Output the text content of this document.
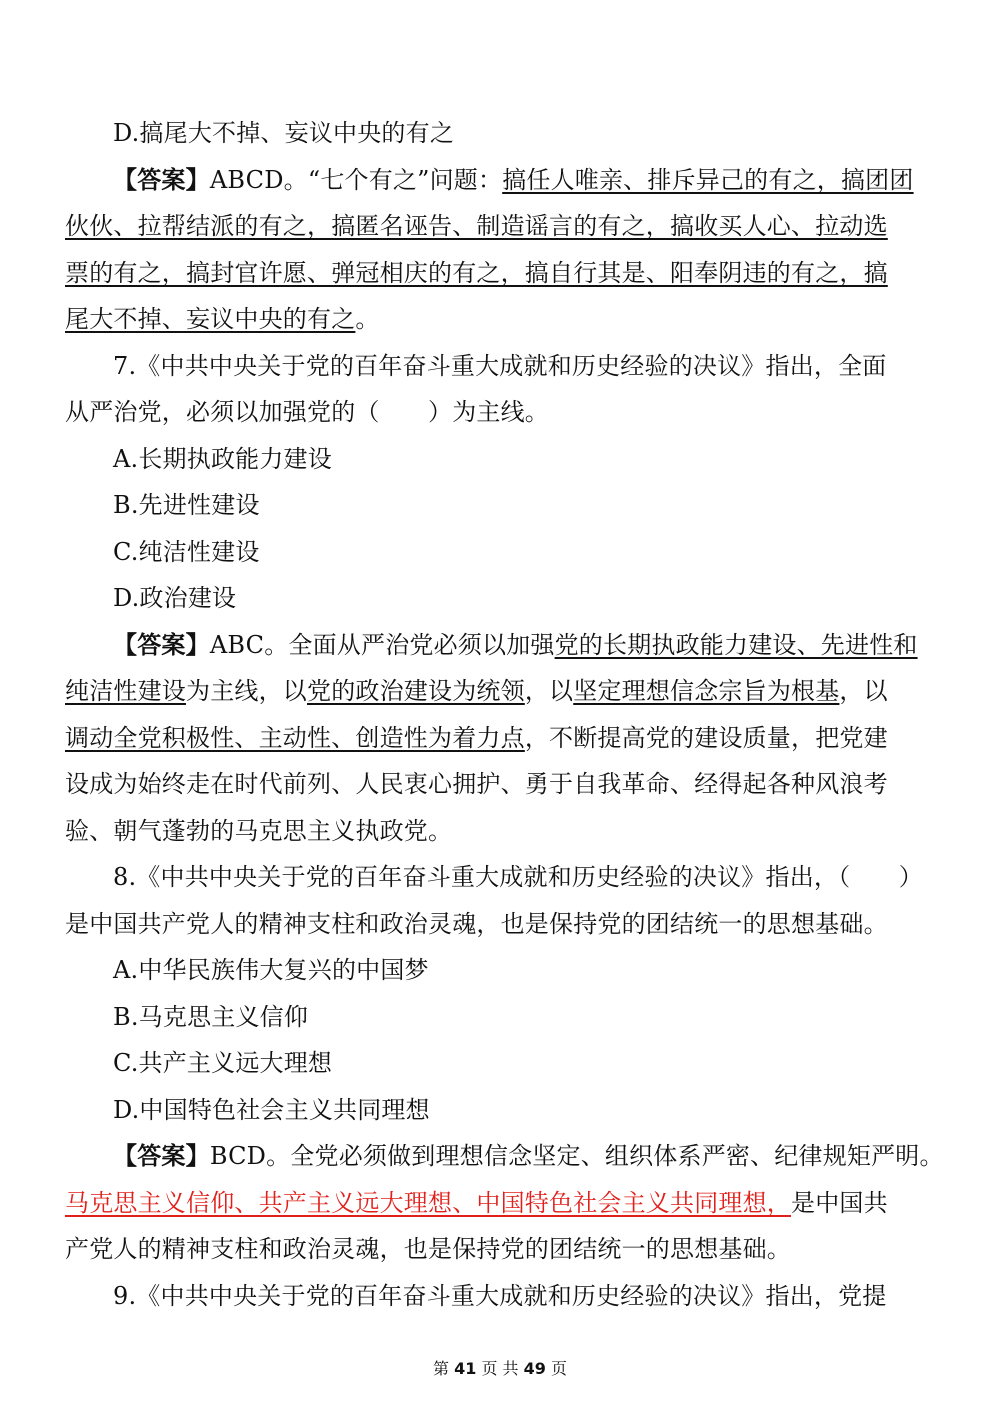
D.搞尾大不掉、妄议中央的有之
【答案】ABCD。“七个有之”问题：搞任人唯亲、排斥异己的有之，搞团团
伙伙、拉帮结派的有之，搞匿名诬告、制造谣言的有之，搞收买人心、拉动选
票的有之，搞封官许愿、弹冠相庆的有之，搞自行其是、阳奉阴违的有之，搞
尾大不掉、妄议中央的有之。
7.《中共中央关于党的百年奋斗重大成就和历史经验的决议》指出，全面
从严治党，必须以加强党的（　　）为主线。
A.长期执政能力建设
B.先进性建设
C.纯洁性建设
D.政治建设
【答案】ABC。全面从严治党必须以加强党的长期执政能力建设、先进性和
纯洁性建设为主线，以党的政治建设为统领，以坚定理想信念宗旨为根基，以
调动全党积极性、主动性、创造性为着力点，不断提高党的建设质量，把党建
设成为始终走在时代前列、人民衷心拥护、勇于自我革命、经得起各种风浪考
验、朝气蓬勃的马克思主义执政党。
8.《中共中央关于党的百年奋斗重大成就和历史经验的决议》指出，（　　）
是中国共产党人的精神支柱和政治灵魂，也是保持党的团结统一的思想基础。
A.中华民族伟大复兴的中国梦
B.马克思主义信仰
C.共产主义远大理想
D.中国特色社会主义共同理想
【答案】BCD。全党必须做到理想信念坚定、组织体系严密、纪律规矩严明。
马克思主义信仰、共产主义远大理想、中国特色社会主义共同理想，是中国共
产党人的精神支柱和政治灵魂，也是保持党的团结统一的思想基础。
9.《中共中央关于党的百年奋斗重大成就和历史经验的决议》指出，党提
第 41 页 共 49 页
